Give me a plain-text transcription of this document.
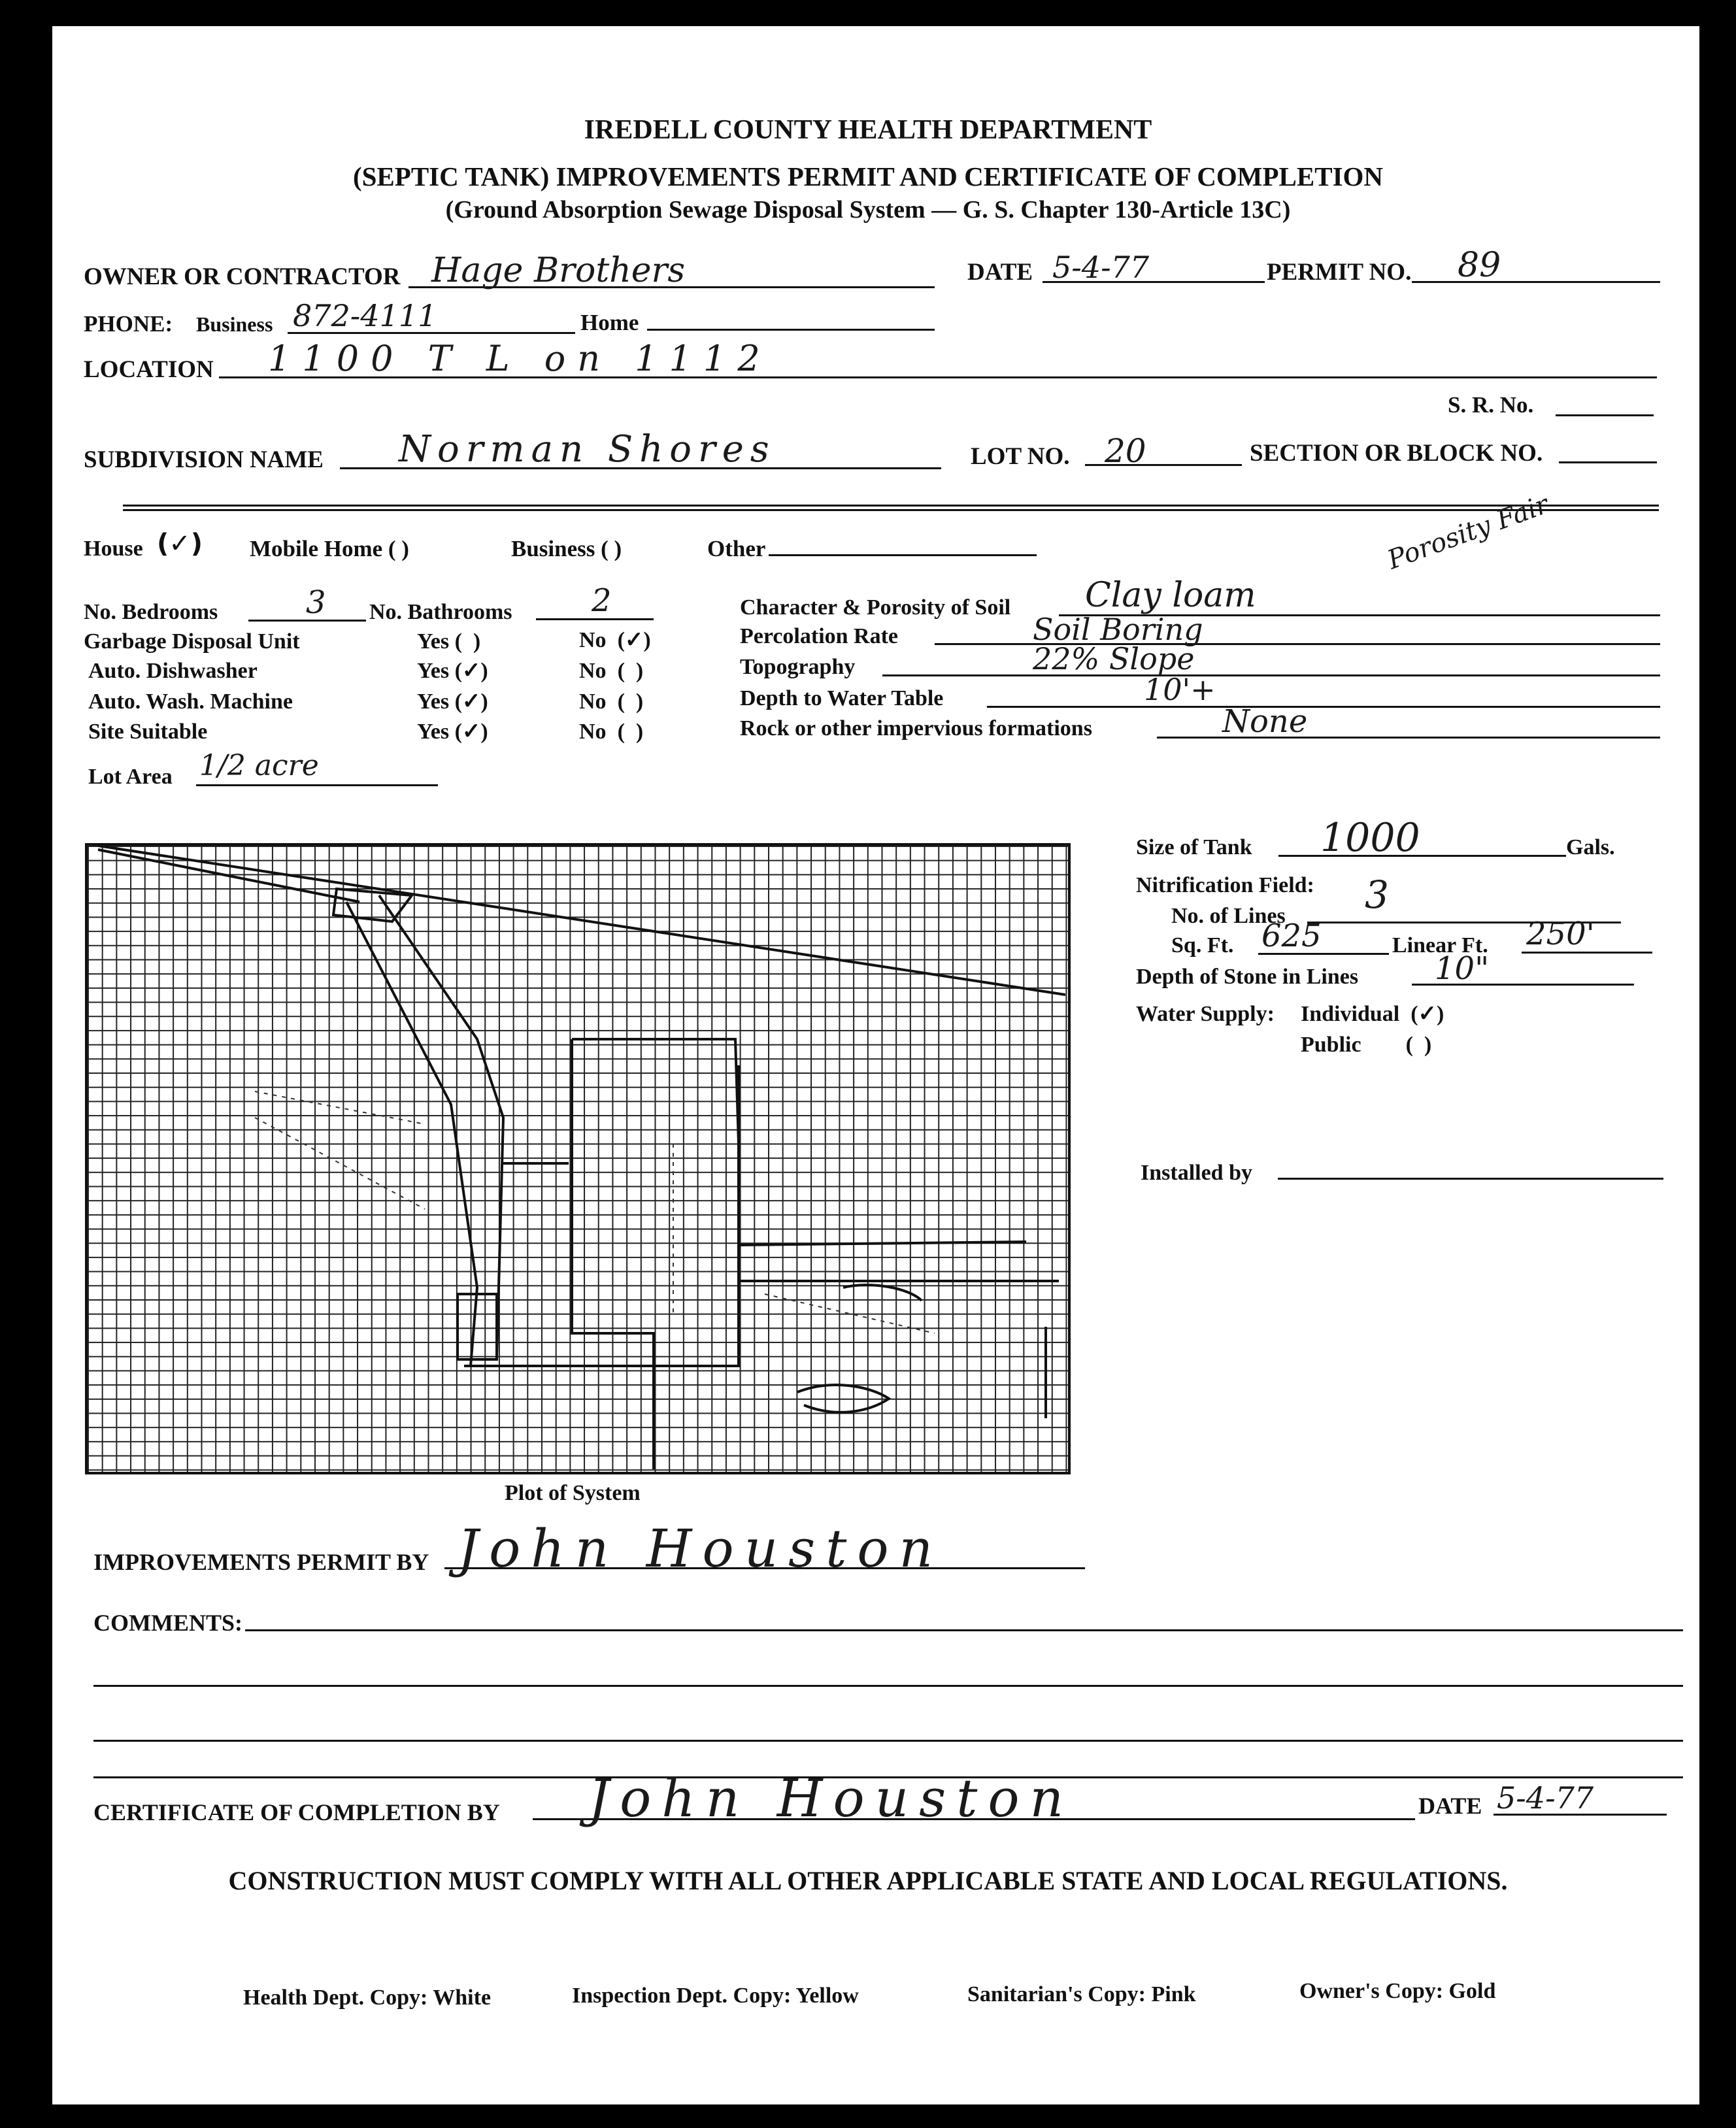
IREDELL COUNTY HEALTH DEPARTMENT
(SEPTIC TANK) IMPROVEMENTS PERMIT AND CERTIFICATE OF COMPLETION
(Ground Absorption Sewage Disposal System — G. S. Chapter 130-Article 13C)
OWNER OR CONTRACTOR Hage Brothers	DATE 5-4-77	PERMIT NO. 89
PHONE: Business 872-4111	Home
LOCATION 1100 T L on 1112
S. R. No.
SUBDIVISION NAME Norman Shores	LOT NO. 20	SECTION OR BLOCK NO.
House (✓) Mobile Home ( )	Business ( )	Other
No. Bedrooms	3 No. Bathrooms	2
Garbage Disposal Unit	Yes (  )	No  (✓)
Auto. Dishwasher	Yes (✓)	No  (  )
Auto. Wash. Machine	Yes (✓)	No  (  )
Site Suitable	Yes (✓)	No  (  )
Lot Area 1/2 acre
Character & Porosity of Soil Clay loam
Porosity Fair
Percolation Rate	Soil Boring
Topography	22% Slope
Depth to Water Table	10'+
Rock or other impervious formations	None
Plot of System
Size of Tank 1000	Gals.
Nitrification Field:
No. of Lines 3
Sq. Ft. 625	Linear Ft. 250'
Depth of Stone in Lines 10"
Water Supply: Individual  (✓)
Public        (  )
Installed by
IMPROVEMENTS PERMIT BY John Houston
COMMENTS:
CERTIFICATE OF COMPLETION BY John Houston	DATE 5-4-77
CONSTRUCTION MUST COMPLY WITH ALL OTHER APPLICABLE STATE AND LOCAL REGULATIONS.
Health Dept. Copy: White	Inspection Dept. Copy: Yellow	Sanitarian's Copy: Pink	Owner's Copy: Gold
